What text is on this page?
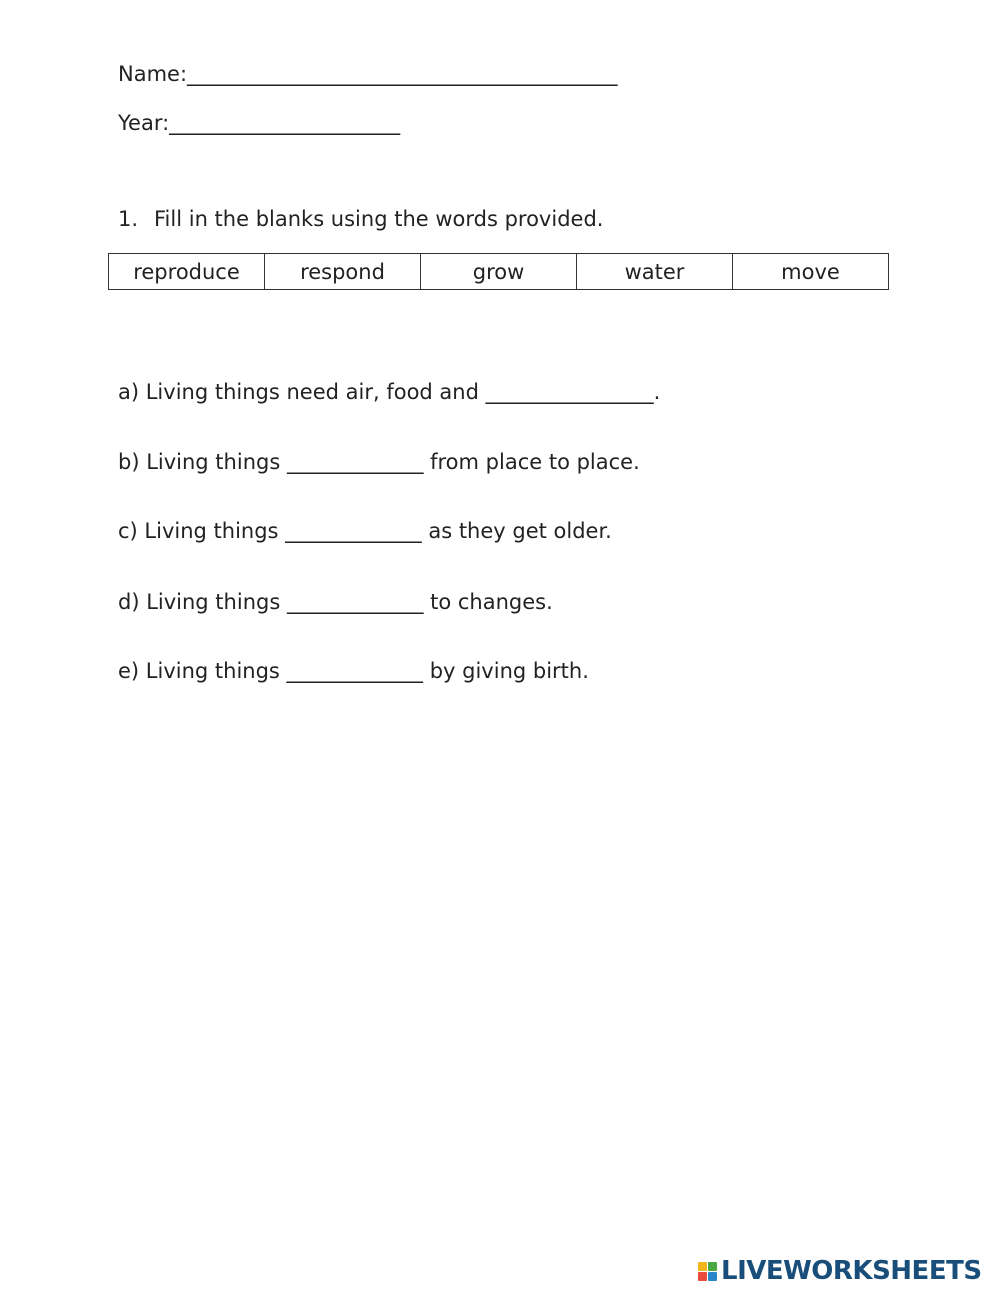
Name:_________________________________________
Year:______________________
1. Fill in the blanks using the words provided.
reproduce	respond	grow	water	move
a) Living things need air, food and ________________.
b) Living things _____________ from place to place.
c) Living things _____________ as they get older.
d) Living things _____________ to changes.
e) Living things _____________ by giving birth.
LIVEWORKSHEETS
